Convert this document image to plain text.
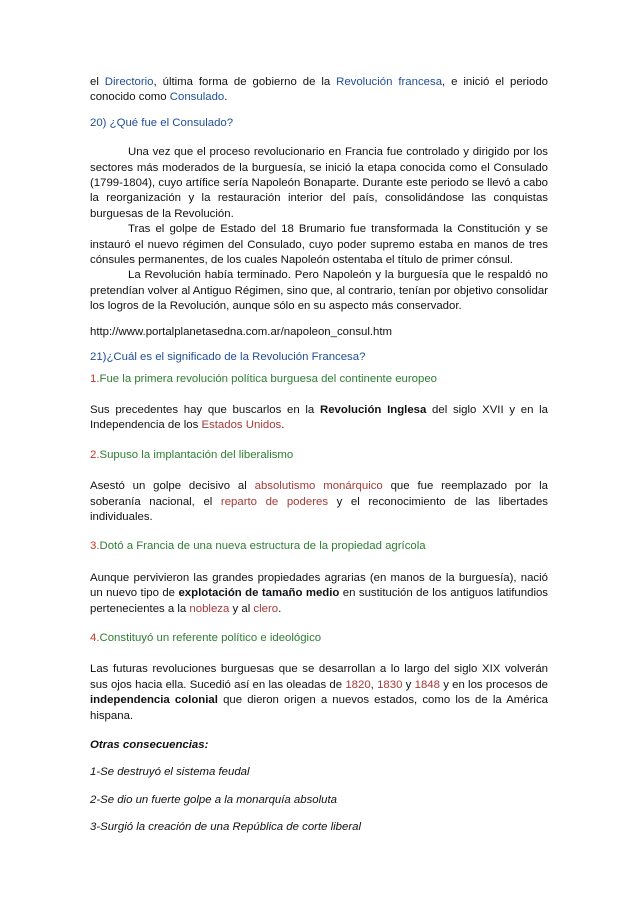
el Directorio, última forma de gobierno de la Revolución francesa, e inició el periodo conocido como Consulado.

20) ¿Qué fue el Consulado?

Una vez que el proceso revolucionario en Francia fue controlado y dirigido por los sectores más moderados de la burguesía, se inició la etapa conocida como el Consulado (1799-1804), cuyo artífice sería Napoleón Bonaparte. Durante este periodo se llevó a cabo la reorganización y la restauración interior del país, consolidándose las conquistas burguesas de la Revolución.

Tras el golpe de Estado del 18 Brumario fue transformada la Constitución y se instauró el nuevo régimen del Consulado, cuyo poder supremo estaba en manos de tres cónsules permanentes, de los cuales Napoleón ostentaba el título de primer cónsul.

La Revolución había terminado. Pero Napoleón y la burguesía que le respaldó no pretendían volver al Antiguo Régimen, sino que, al contrario, tenían por objetivo consolidar los logros de la Revolución, aunque sólo en su aspecto más conservador.

http://www.portalplanetasedna.com.ar/napoleon_consul.htm

21)¿Cuál es el significado de la Revolución Francesa?

1.Fue la primera revolución política burguesa del continente europeo

Sus precedentes hay que buscarlos en la Revolución Inglesa del siglo XVII y en la Independencia de los Estados Unidos.

2.Supuso la implantación del liberalismo

Asestó un golpe decisivo al absolutismo monárquico que fue reemplazado por la soberanía nacional, el reparto de poderes y el reconocimiento de las libertades individuales.

3.Dotó a Francia de una nueva estructura de la propiedad agrícola

Aunque pervivieron las grandes propiedades agrarias (en manos de la burguesía), nació un nuevo tipo de explotación de tamaño medio en sustitución de los antiguos latifundios pertenecientes a la nobleza y al clero.

4.Constituyó un referente político e ideológico

Las futuras revoluciones burguesas que se desarrollan a lo largo del siglo XIX volverán sus ojos hacia ella. Sucedió así en las oleadas de 1820, 1830 y 1848 y en los procesos de independencia colonial que dieron origen a nuevos estados, como los de la América hispana.

Otras consecuencias:

1-Se destruyó el sistema feudal

2-Se dio un fuerte golpe a la monarquía absoluta

3-Surgió la creación de una República de corte liberal
